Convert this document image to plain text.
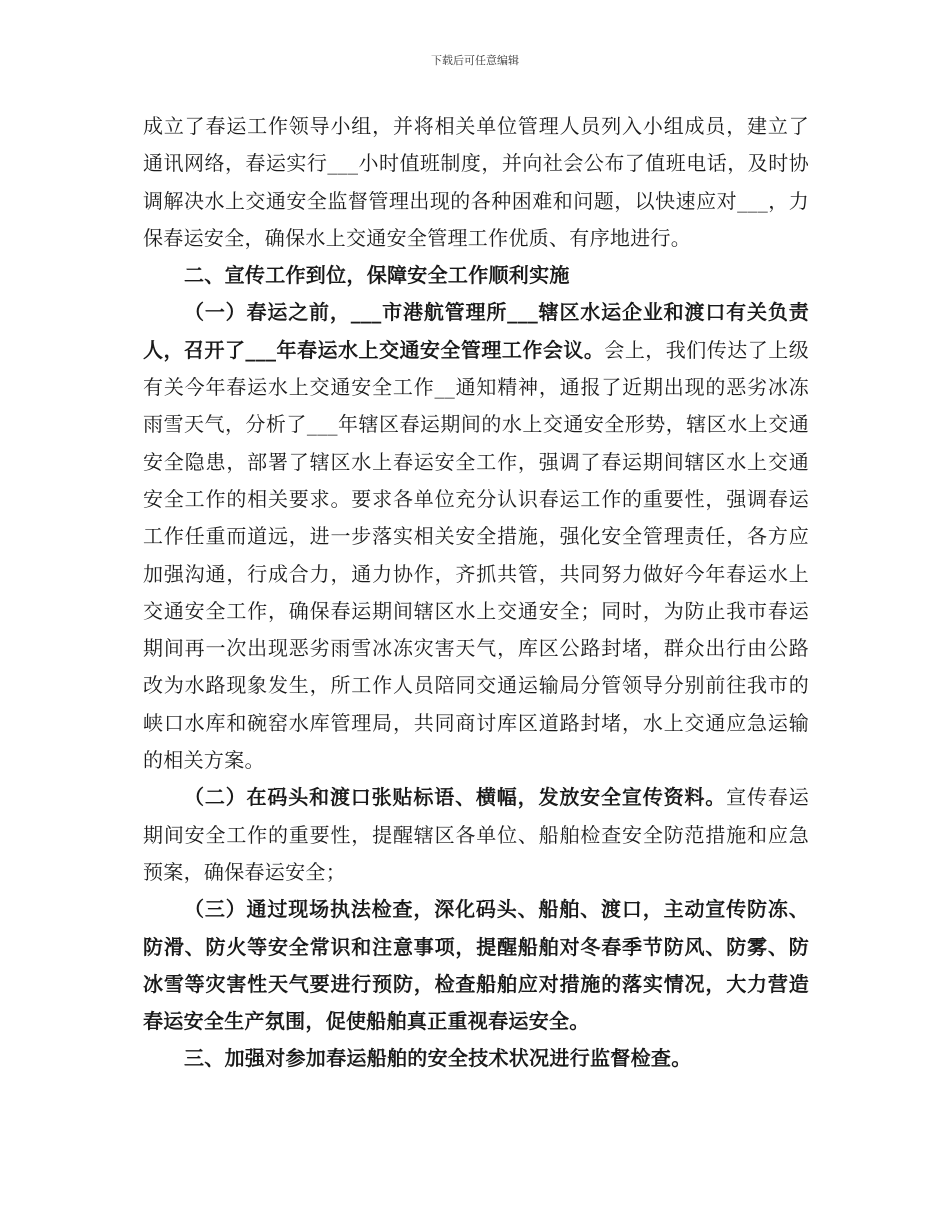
下载后可任意编辑

成立了春运工作领导小组，并将相关单位管理人员列入小组成员，建立了通讯网络，春运实行___小时值班制度，并向社会公布了值班电话，及时协调解决水上交通安全监督管理出现的各种困难和问题，以快速应对___，力保春运安全，确保水上交通安全管理工作优质、有序地进行。

二、宣传工作到位，保障安全工作顺利实施

（一）春运之前，___市港航管理所___辖区水运企业和渡口有关负责人，召开了___年春运水上交通安全管理工作会议。会上，我们传达了上级有关今年春运水上交通安全工作__通知精神，通报了近期出现的恶劣冰冻雨雪天气，分析了___年辖区春运期间的水上交通安全形势，辖区水上交通安全隐患，部署了辖区水上春运安全工作，强调了春运期间辖区水上交通安全工作的相关要求。要求各单位充分认识春运工作的重要性，强调春运工作任重而道远，进一步落实相关安全措施，强化安全管理责任，各方应加强沟通，行成合力，通力协作，齐抓共管，共同努力做好今年春运水上交通安全工作，确保春运期间辖区水上交通安全；同时，为防止我市春运期间再一次出现恶劣雨雪冰冻灾害天气，库区公路封堵，群众出行由公路改为水路现象发生，所工作人员陪同交通运输局分管领导分别前往我市的峡口水库和碗窑水库管理局，共同商讨库区道路封堵，水上交通应急运输的相关方案。

（二）在码头和渡口张贴标语、横幅，发放安全宣传资料。宣传春运期间安全工作的重要性，提醒辖区各单位、船舶检查安全防范措施和应急预案，确保春运安全；

（三）通过现场执法检查，深化码头、船舶、渡口，主动宣传防冻、防滑、防火等安全常识和注意事项，提醒船舶对冬春季节防风、防雾、防冰雪等灾害性天气要进行预防，检查船舶应对措施的落实情况，大力营造春运安全生产氛围，促使船舶真正重视春运安全。

三、加强对参加春运船舶的安全技术状况进行监督检查。
